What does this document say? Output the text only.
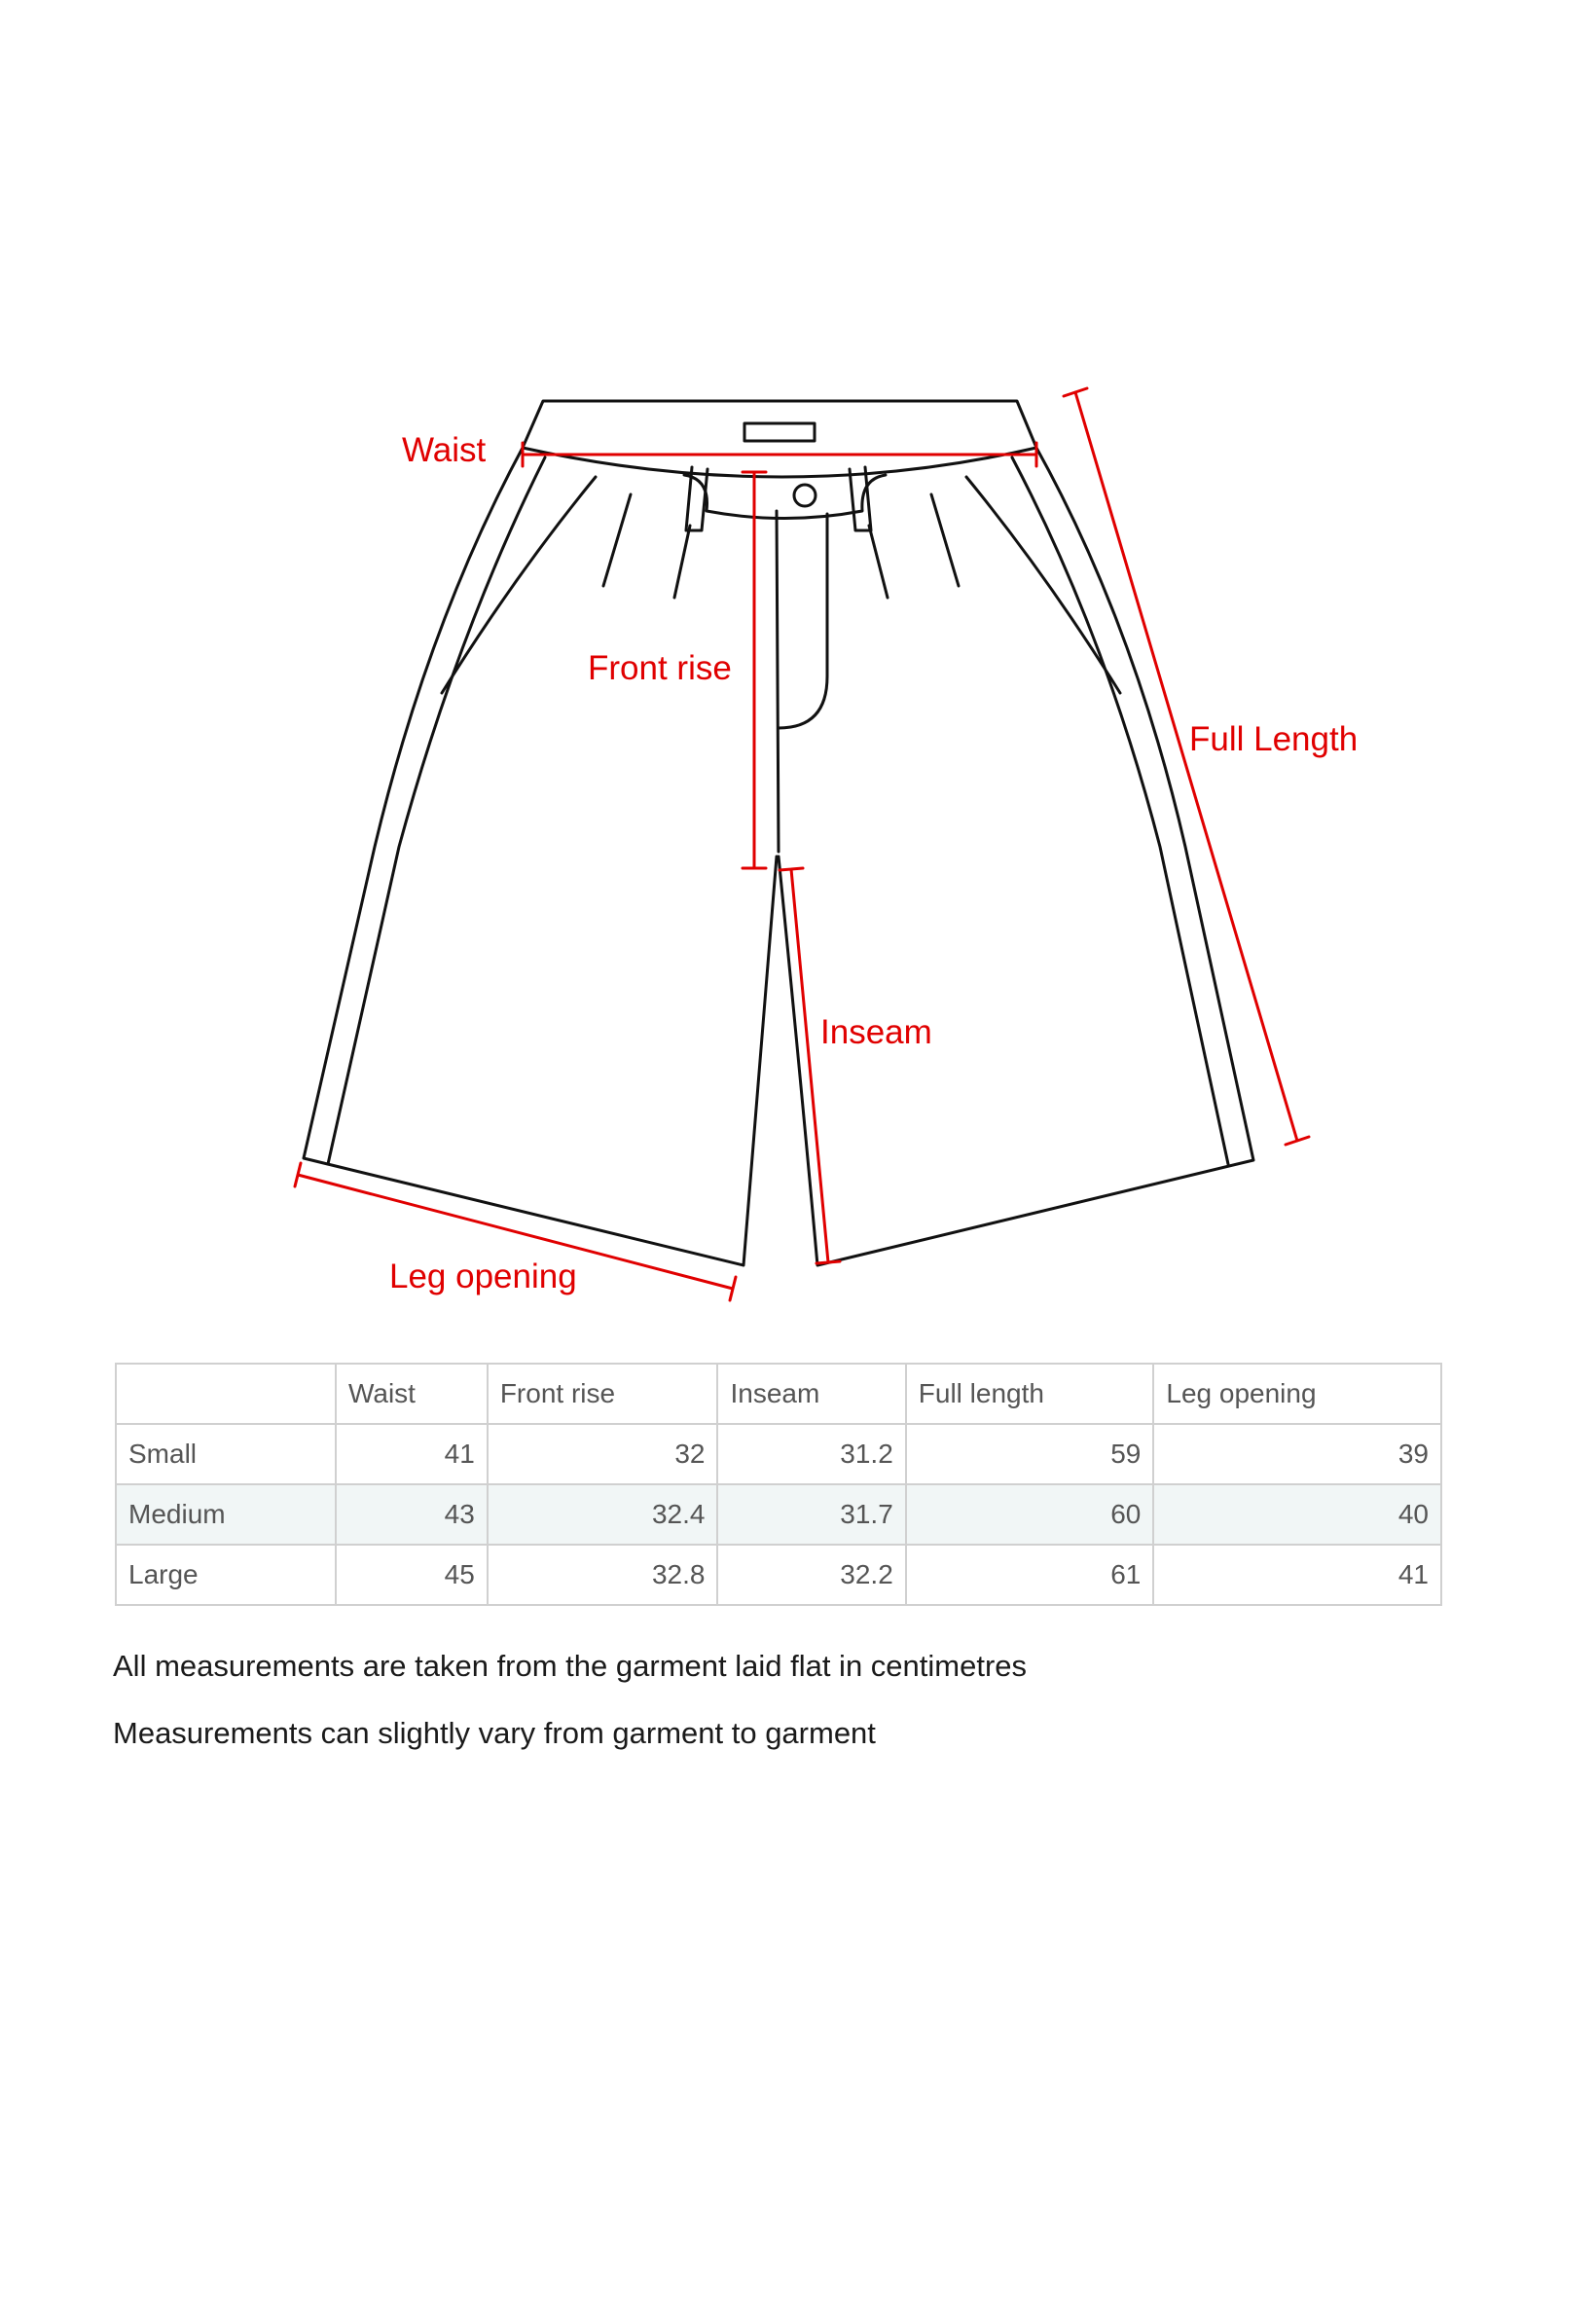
Waist
Front rise
Full Length
Inseam
Leg opening
	Waist	Front rise	Inseam	Full length	Leg opening
Small	41	32	31.2	59	39
Medium	43	32.4	31.7	60	40
Large	45	32.8	32.2	61	41

All measurements are taken from the garment laid flat in centimetres

Measurements can slightly vary from garment to garment
